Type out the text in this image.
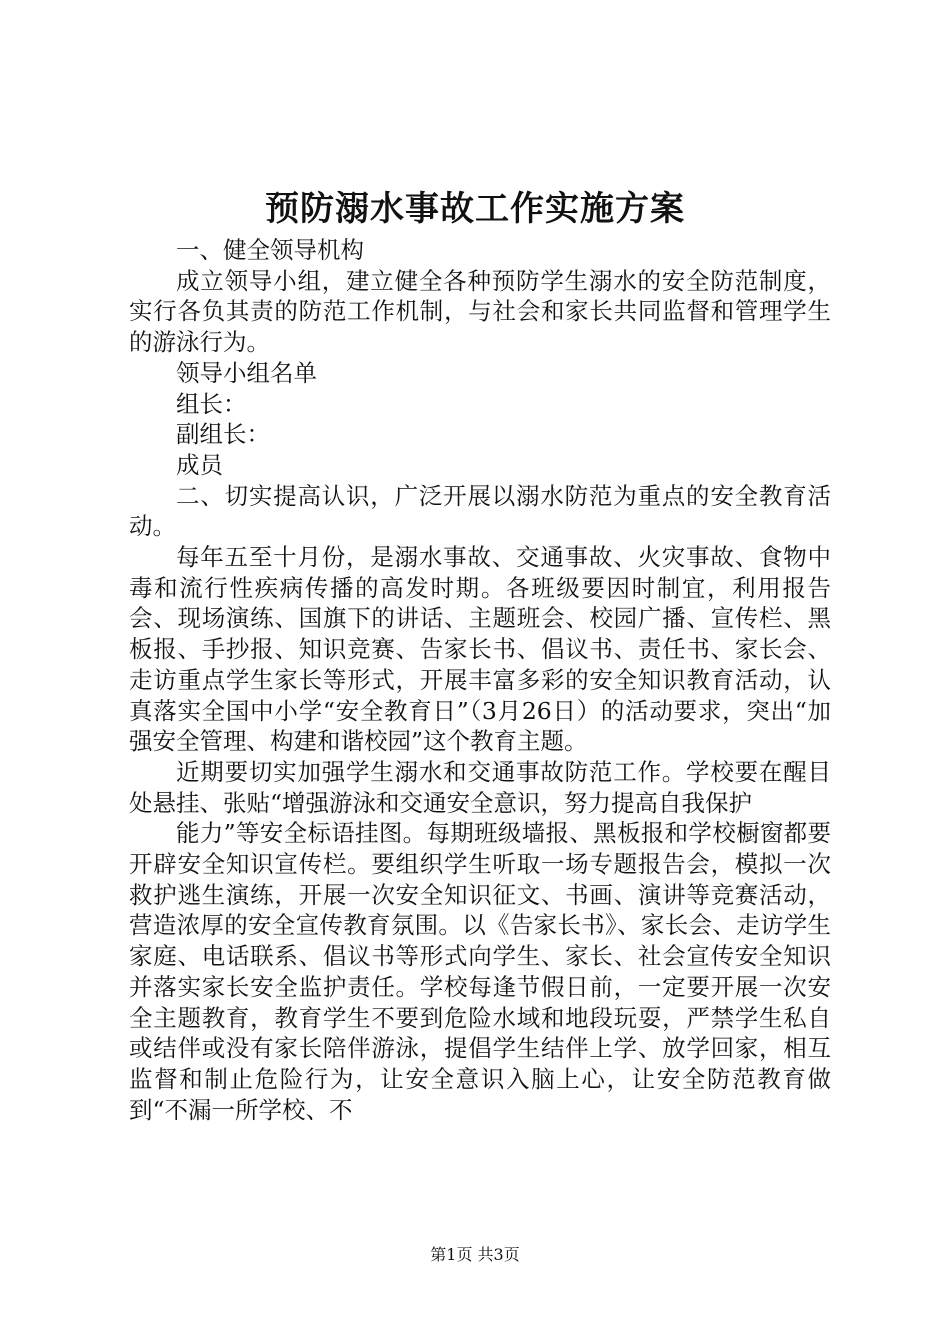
预防溺水事故工作实施方案

一、健全领导机构

成立领导小组，建立健全各种预防学生溺水的安全防范制度，实行各负其责的防范工作机制，与社会和家长共同监督和管理学生的游泳行为。

领导小组名单

组长：

副组长：

成员

二、切实提高认识，广泛开展以溺水防范为重点的安全教育活动。

每年五至十月份，是溺水事故、交通事故、火灾事故、食物中毒和流行性疾病传播的高发时期。各班级要因时制宜，利用报告会、现场演练、国旗下的讲话、主题班会、校园广播、宣传栏、黑板报、手抄报、知识竞赛、告家长书、倡议书、责任书、家长会、走访重点学生家长等形式，开展丰富多彩的安全知识教育活动，认真落实全国中小学“安全教育日”（3月26日）的活动要求，突出“加强安全管理、构建和谐校园”这个教育主题。

近期要切实加强学生溺水和交通事故防范工作。学校要在醒目处悬挂、张贴“增强游泳和交通安全意识，努力提高自我保护

能力”等安全标语挂图。每期班级墙报、黑板报和学校橱窗都要开辟安全知识宣传栏。要组织学生听取一场专题报告会，模拟一次救护逃生演练，开展一次安全知识征文、书画、演讲等竞赛活动，营造浓厚的安全宣传教育氛围。以《告家长书》、家长会、走访学生家庭、电话联系、倡议书等形式向学生、家长、社会宣传安全知识并落实家长安全监护责任。学校每逢节假日前，一定要开展一次安全主题教育，教育学生不要到危险水域和地段玩耍，严禁学生私自或结伴或没有家长陪伴游泳，提倡学生结伴上学、放学回家，相互监督和制止危险行为，让安全意识入脑上心，让安全防范教育做到“不漏一所学校、不

第1页 共3页
